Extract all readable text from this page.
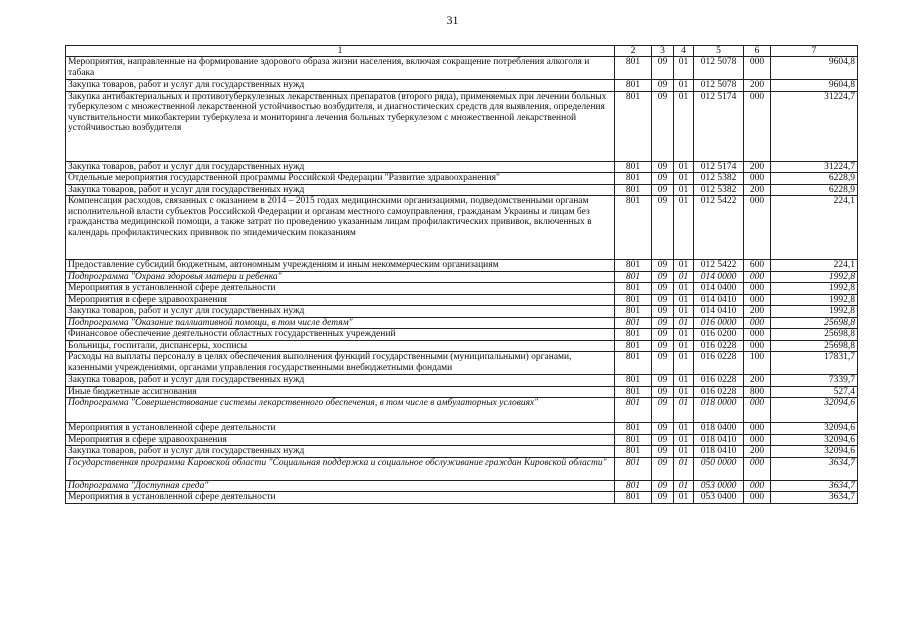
31
1	2	3	4	5	6	7
Мероприятия, направленные на формирование здорового образа жизни населения, включая сокращение потребления алкоголя и табака	801	09	01	012 5078	000	9604,8
Закупка товаров, работ и услуг для государственных нужд	801	09	01	012 5078	200	9604,8
Закупка антибактериальных и противотуберкулезных лекарственных препаратов (второго ряда), применяемых при лечении больных туберкулезом с множественной лекарственной устойчивостью возбудителя, и диагностических средств для выявления, определения чувствительности микобактерии туберкулеза и мониторинга лечения больных туберкулезом с множественной лекарственной устойчивостью возбудителя	801	09	01	012 5174	000	31224,7
Закупка товаров, работ и услуг для государственных нужд	801	09	01	012 5174	200	31224,7
Отдельные мероприятия государственной программы Российской Федерации "Развитие здравоохранения"	801	09	01	012 5382	000	6228,9
Закупка товаров, работ и услуг для государственных нужд	801	09	01	012 5382	200	6228,9
Компенсация расходов, связанных с оказанием в 2014 – 2015 годах медицинскими организациями, подведомственными органам исполнительной власти субъектов Российской Федерации и органам местного самоуправления, гражданам Украины и лицам без гражданства медицинской помощи, а также затрат по проведению указанным лицам профилактических прививок, включенных в календарь профилактических прививок по эпидемическим показаниям	801	09	01	012 5422	000	224,1
Предоставление субсидий бюджетным, автономным учреждениям и иным некоммерческим организациям	801	09	01	012 5422	600	224,1
Подпрограмма "Охрана здоровья матери и ребенка"	801	09	01	014 0000	000	1992,8
Мероприятия в установленной сфере деятельности	801	09	01	014 0400	000	1992,8
Мероприятия в сфере здравоохранения	801	09	01	014 0410	000	1992,8
Закупка товаров, работ и услуг для государственных нужд	801	09	01	014 0410	200	1992,8
Подпрограмма "Оказание паллиативной помощи, в том числе детям"	801	09	01	016 0000	000	25698,8
Финансовое обеспечение деятельности областных государственных учреждений	801	09	01	016 0200	000	25698,8
Больницы, госпитали, диспансеры, хосписы	801	09	01	016 0228	000	25698,8
Расходы на выплаты персоналу в целях обеспечения выполнения функций государственными (муниципальными) органами, казенными учреждениями, органами управления государственными внебюджетными фондами	801	09	01	016 0228	100	17831,7
Закупка товаров, работ и услуг для государственных нужд	801	09	01	016 0228	200	7339,7
Иные бюджетные ассигнования	801	09	01	016 0228	800	527,4
Подпрограмма "Совершенствование системы лекарственного обеспечения, в том числе в амбулаторных условиях"	801	09	01	018 0000	000	32094,6
Мероприятия в установленной сфере деятельности	801	09	01	018 0400	000	32094,6
Мероприятия в сфере здравоохранения	801	09	01	018 0410	000	32094,6
Закупка товаров, работ и услуг для государственных нужд	801	09	01	018 0410	200	32094,6
Государственная программа Кировской области "Социальная поддержка и социальное обслуживание граждан Кировской области"	801	09	01	050 0000	000	3634,7
Подпрограмма "Доступная среда"	801	09	01	053 0000	000	3634,7
Мероприятия в установленной сфере деятельности	801	09	01	053 0400	000	3634,7
